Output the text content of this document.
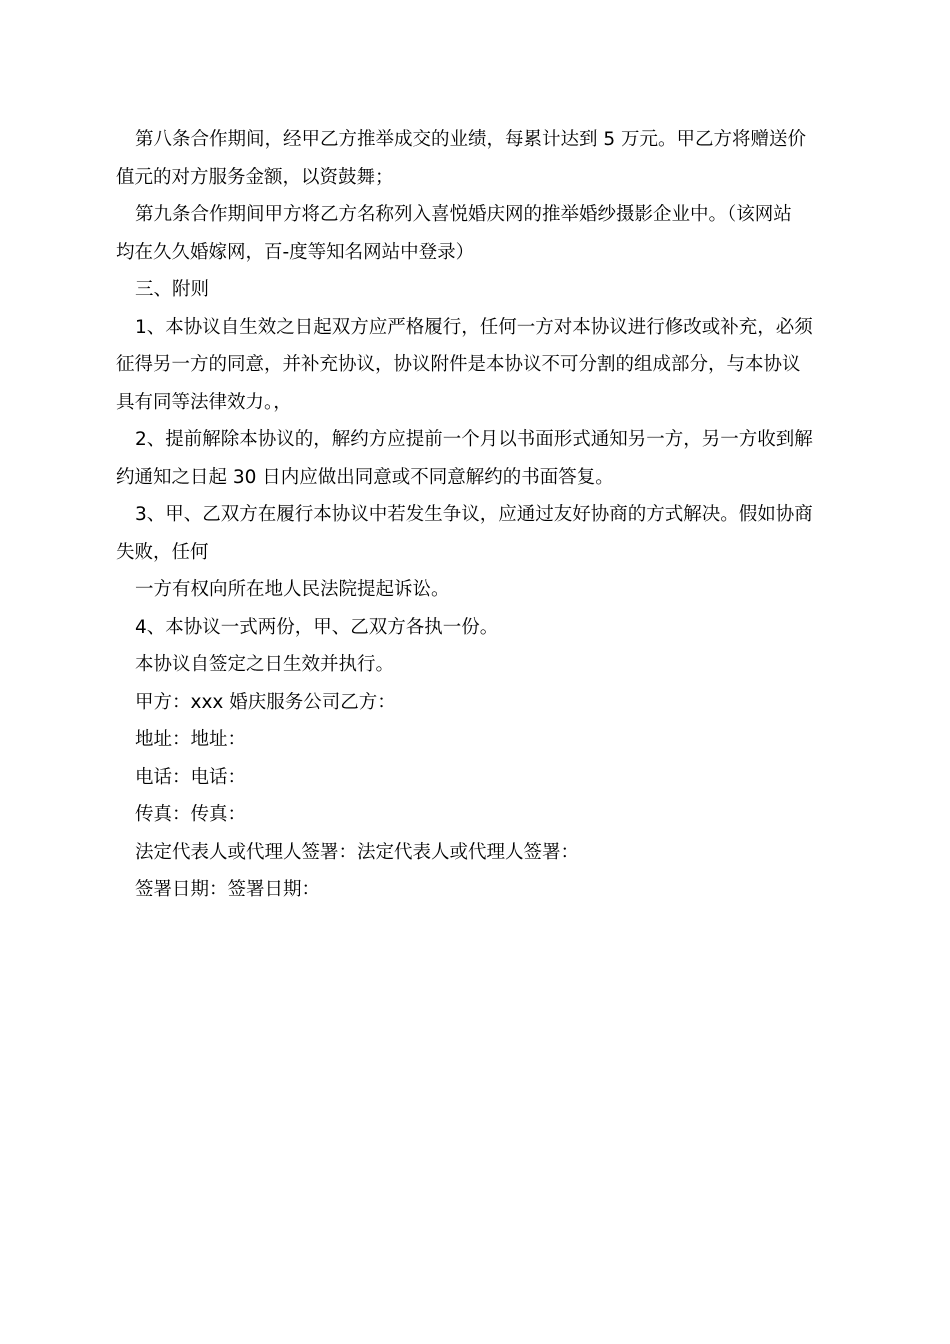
第八条合作期间，经甲乙方推举成交的业绩，每累计达到 5 万元。甲乙方将赠送价
值元的对方服务金额，以资鼓舞；

第九条合作期间甲方将乙方名称列入喜悦婚庆网的推举婚纱摄影企业中。（该网站
均在久久婚嫁网，百-度等知名网站中登录）

三、附则

1、本协议自生效之日起双方应严格履行，任何一方对本协议进行修改或补充，必须
征得另一方的同意，并补充协议，协议附件是本协议不可分割的组成部分，与本协议
具有同等法律效力。，

2、提前解除本协议的，解约方应提前一个月以书面形式通知另一方，另一方收到解
约通知之日起 30 日内应做出同意或不同意解约的书面答复。

3、甲、乙双方在履行本协议中若发生争议，应通过友好协商的方式解决。假如协商
失败，任何

一方有权向所在地人民法院提起诉讼。

4、本协议一式两份，甲、乙双方各执一份。

本协议自签定之日生效并执行。

甲方：xxx 婚庆服务公司乙方：

地址：地址：

电话：电话：

传真：传真：

法定代表人或代理人签署：法定代表人或代理人签署：

签署日期：签署日期：
